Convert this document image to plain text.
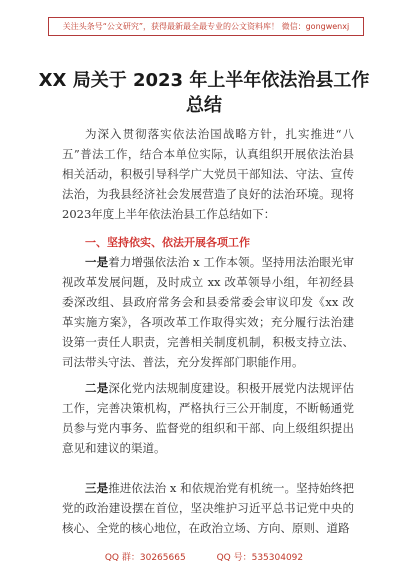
关注头条号“公文研究”，获得最新最全最专业的公文资料库！ 微信：gongwenxj
XX 局关于 2023 年上半年依法治县工作
总结

为深入贯彻落实依法治国战略方针，扎实推进“八五”普法工作，结合本单位实际，认真组织开展依法治县相关活动，积极引导科学广大党员干部知法、守法、宣传法治，为我县经济社会发展营造了良好的法治环境。现将2023年度上半年依法治县工作总结如下：

一、坚持依实、依法开展各项工作

一是着力增强依法治 x 工作本领。坚持用法治眼光审视改革发展问题，及时成立 xx 改革领导小组，年初经县委深改组、县政府常务会和县委常委会审议印发《xx 改革实施方案》，各项改革工作取得实效；充分履行法治建设第一责任人职责，完善相关制度机制，积极支持立法、司法带头守法、普法，充分发挥部门职能作用。

二是深化党内法规制度建设。积极开展党内法规评估工作，完善决策机构，严格执行三公开制度，不断畅通党员参与党内事务、监督党的组织和干部、向上级组织提出意见和建议的渠道。

三是推进依法治 x 和依规治党有机统一。坚持始终把党的政治建设摆在首位，坚决维护习近平总书记党中央的核心、全党的核心地位，在政治立场、方向、原则、道路

QQ 群：30265665	QQ 号：535304092
